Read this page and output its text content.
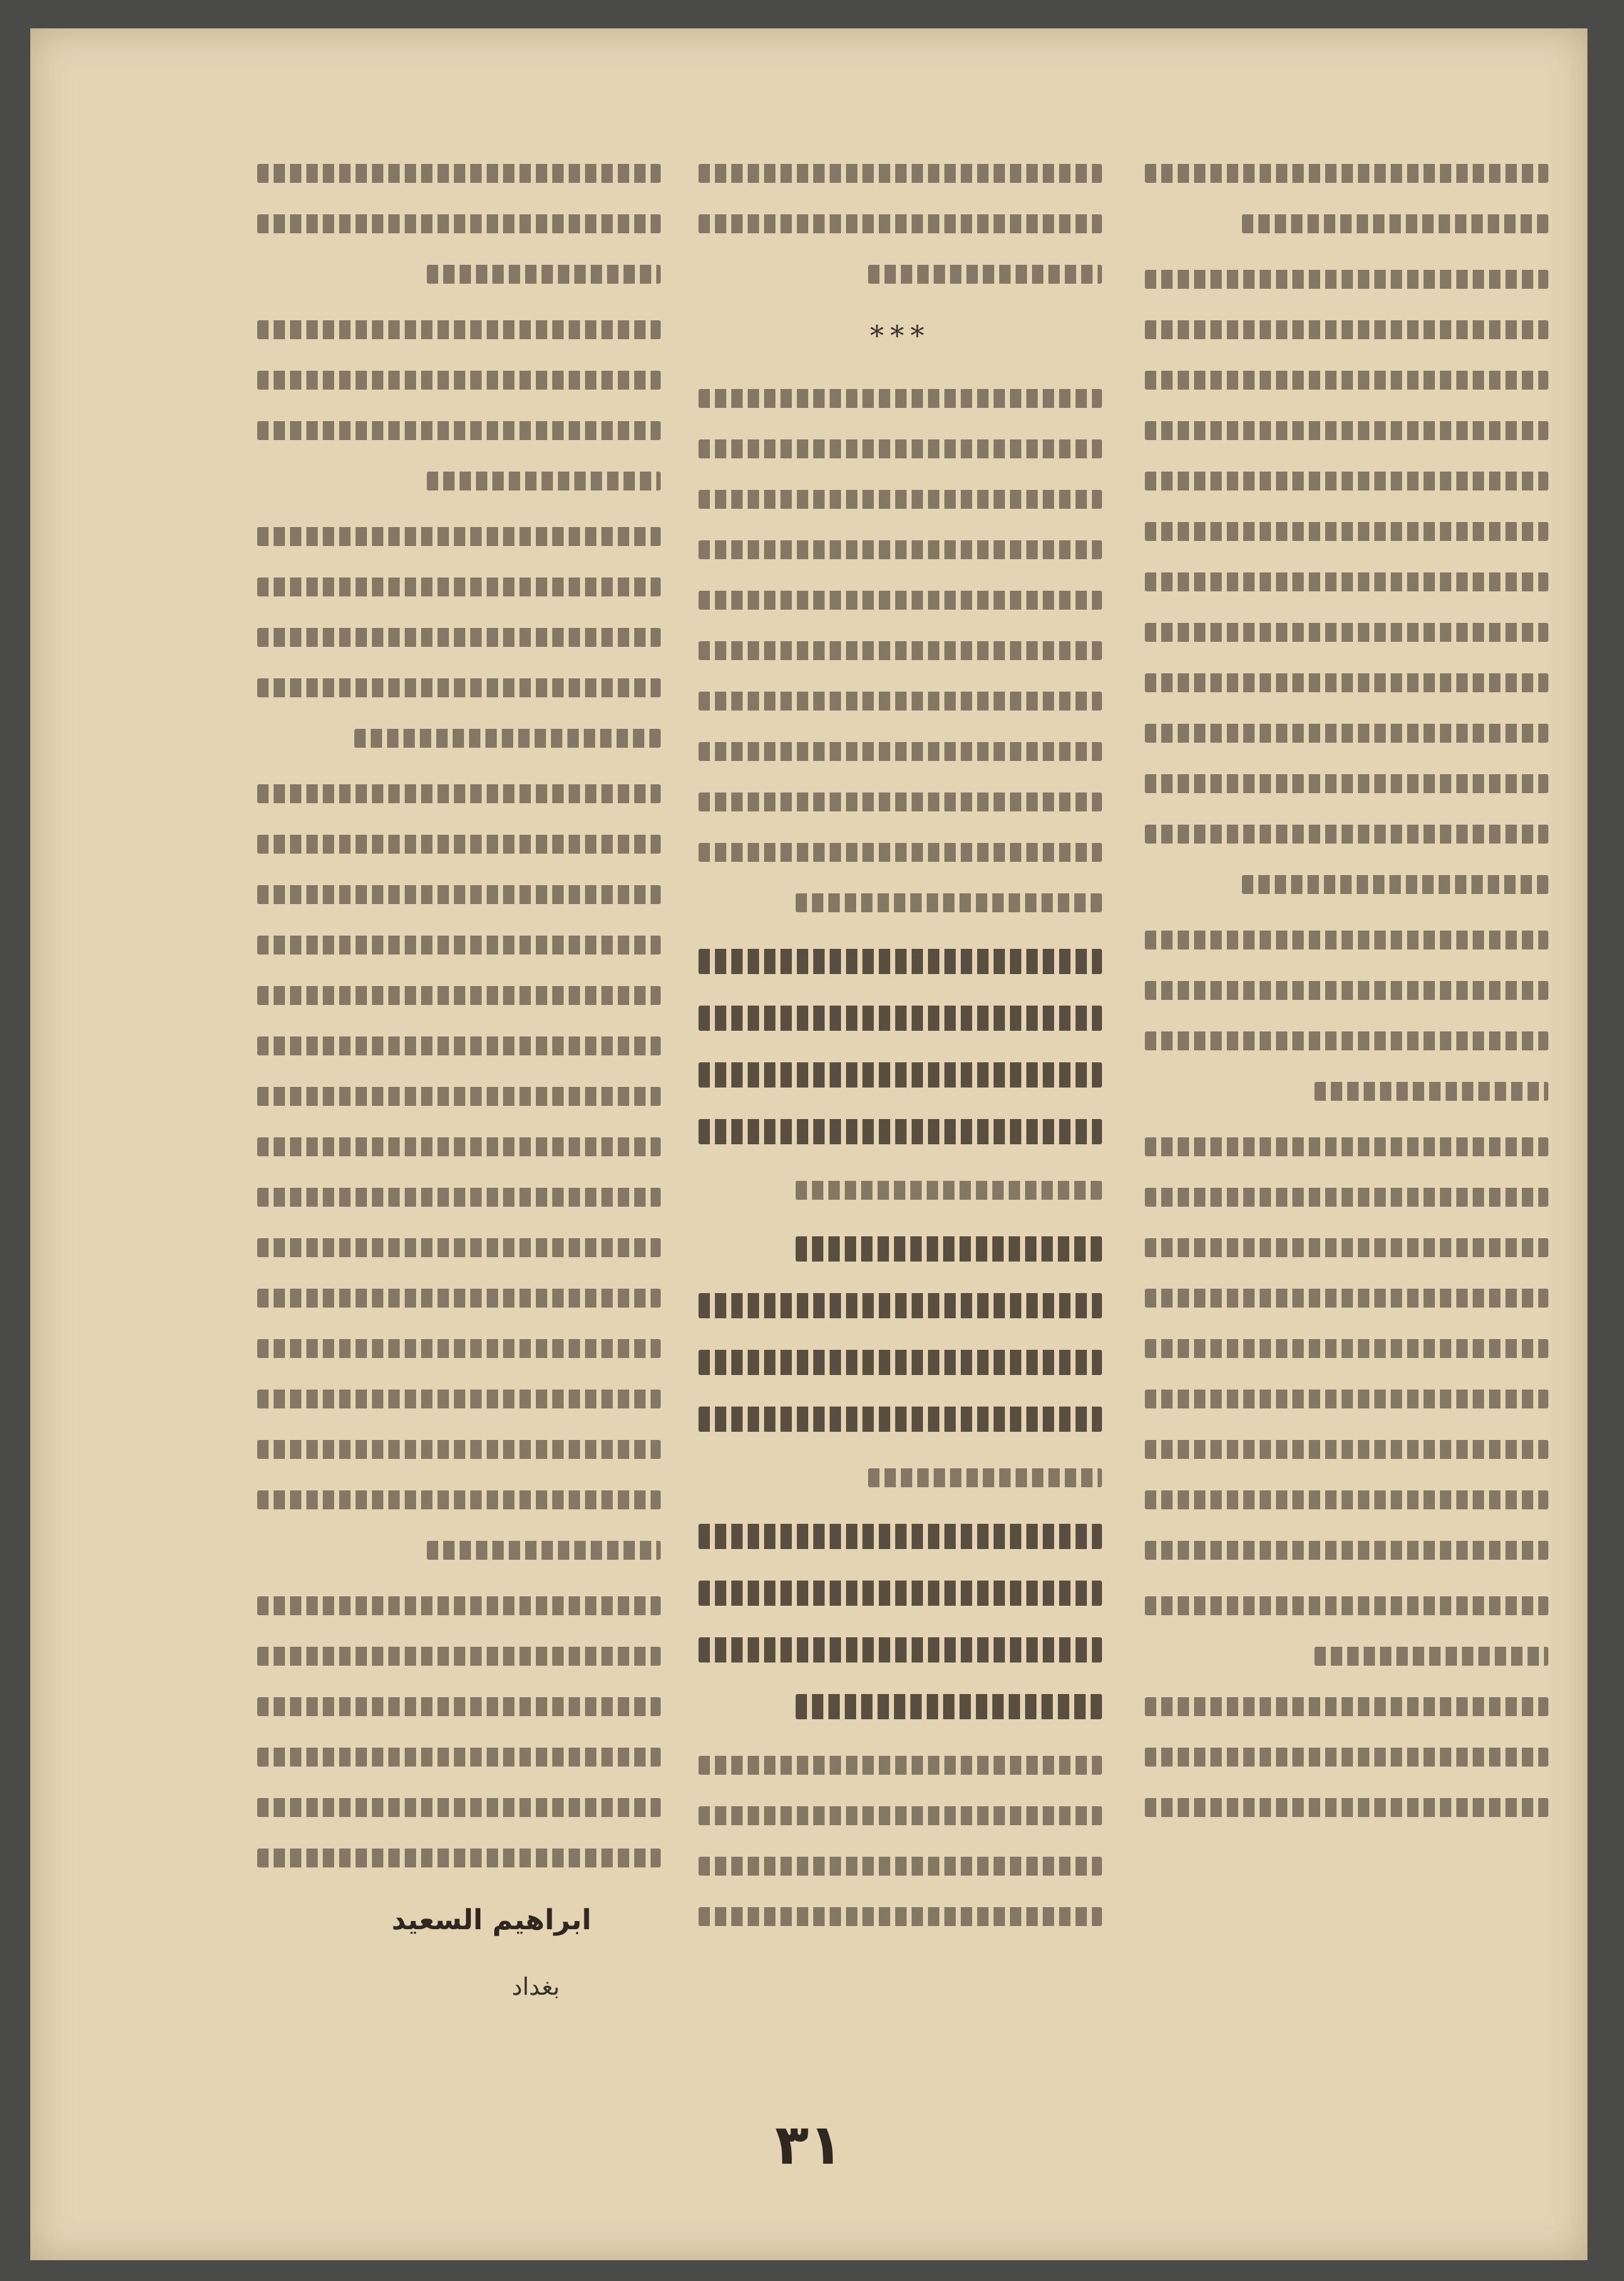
***
ابراهيم السعيد
بغداد
٣١
